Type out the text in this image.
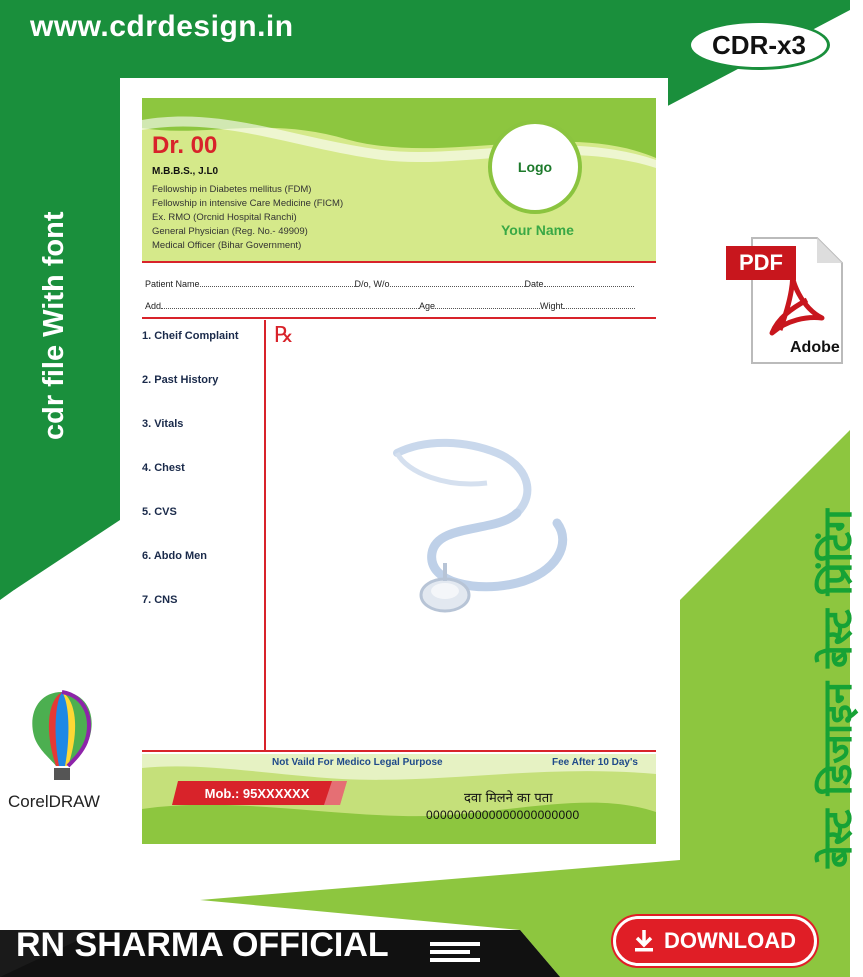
www.cdrdesign.in
CDR-x3
cdr file With font
बेस्ट डिजाइन बेस्ट प्रिंटिंग
Dr. 00
M.B.B.S., J.L0
Fellowship in Diabetes mellitus (FDM)
Fellowship in intensive Care Medicine (FICM)
Ex. RMO (Orcnid Hospital Ranchi)
General Physician (Reg. No.- 49909)
Medical Officer (Bihar Government)
Logo
Your Name
Patient Name	D/o, W/o	Date
Add	Age	Wight
1. Cheif Complaint
2. Past History
3. Vitals
4. Chest
5. CVS
6. Abdo Men
7. CNS
℞
Not Vaild For Medico Legal Purpose	Fee After 10 Day's
Mob.: 95XXXXXX	दवा मिलने का पता
0000000000000000000000
PDF
Adobe
CorelDRAW
RN SHARMA OFFICIAL	DOWNLOAD
